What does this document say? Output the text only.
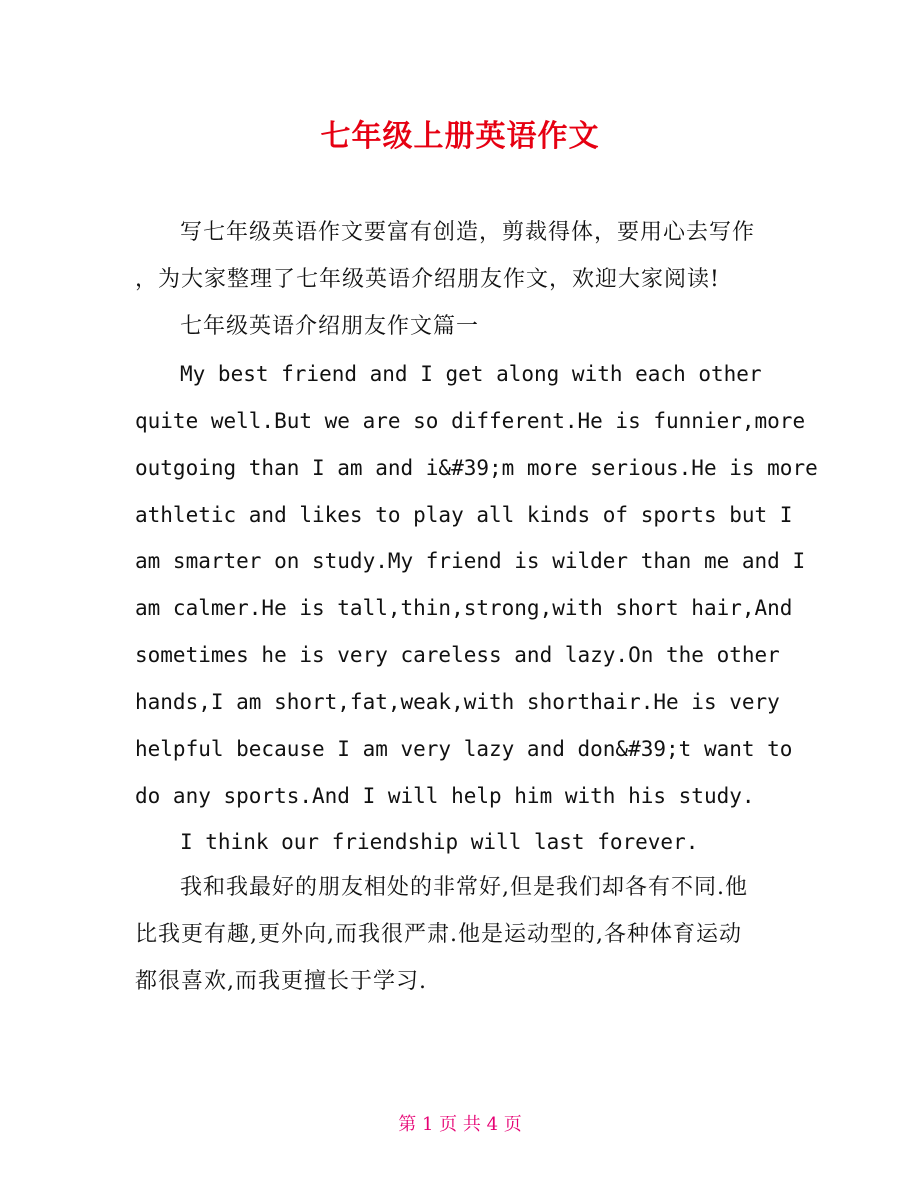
七年级上册英语作文
写七年级英语作文要富有创造，剪裁得体，要用心去写作
，为大家整理了七年级英语介绍朋友作文，欢迎大家阅读!
七年级英语介绍朋友作文篇一
My best friend and I get along with each other
quite well.But we are so different.He is funnier,more
outgoing than I am and i&#39;m more serious.He is more
athletic and likes to play all kinds of sports but I
am smarter on study.My friend is wilder than me and I
am calmer.He is tall,thin,strong,with short hair,And
sometimes he is very careless and lazy.On the other
hands,I am short,fat,weak,with shorthair.He is very
helpful because I am very lazy and don&#39;t want to
do any sports.And I will help him with his study.
I think our friendship will last forever.
我和我最好的朋友相处的非常好,但是我们却各有不同.他
比我更有趣,更外向,而我很严肃.他是运动型的,各种体育运动
都很喜欢,而我更擅长于学习.
第 1 页 共 4 页
